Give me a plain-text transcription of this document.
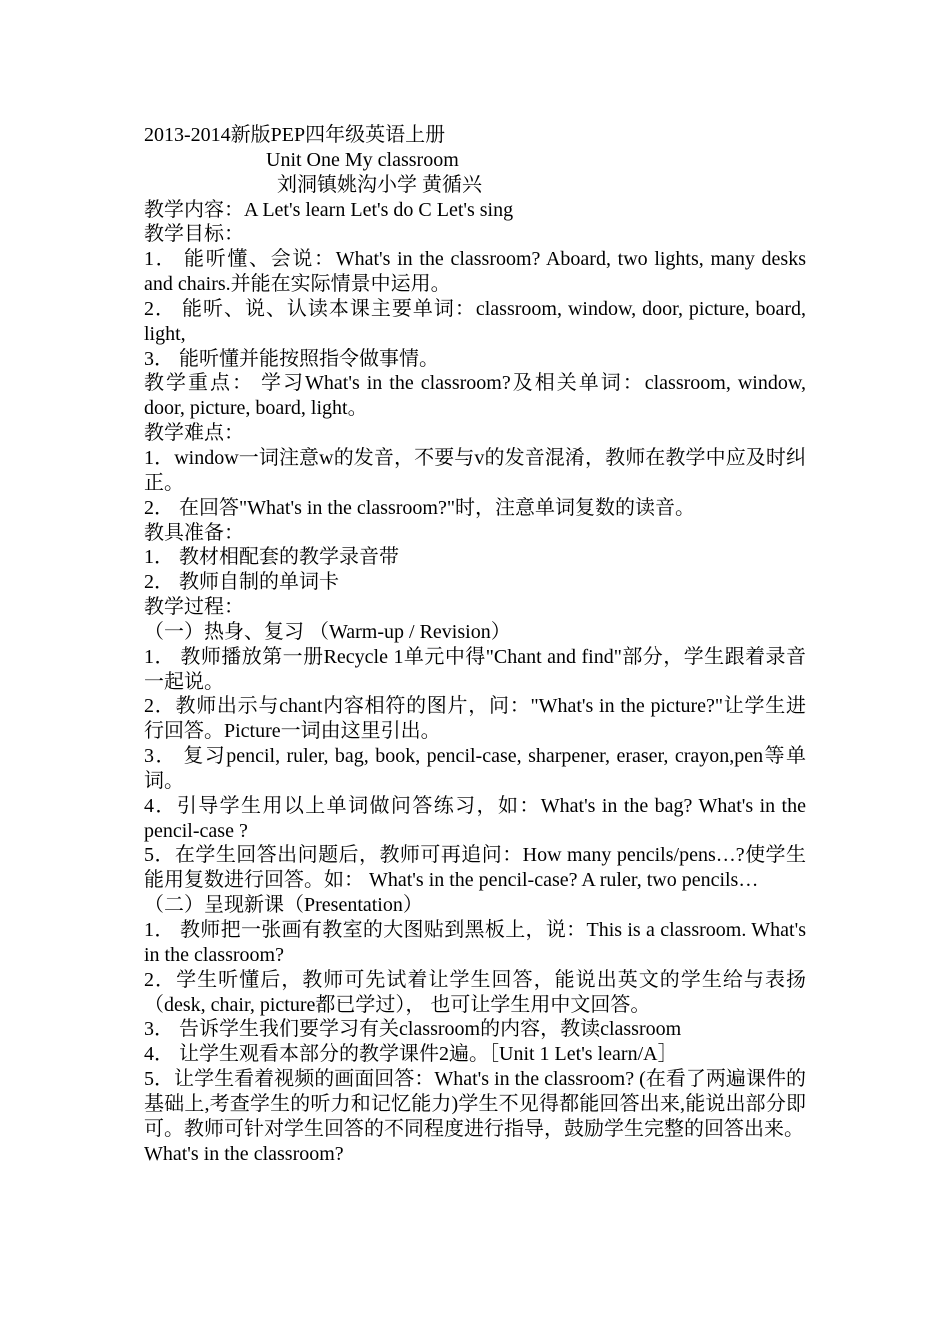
2013-2014新版PEP四年级英语上册

Unit One My classroom

刘洞镇姚沟小学 黄循兴

教学内容：A Let's learn Let's do C Let's sing

教学目标：

1． 能听懂、会说：What's in the classroom? Aboard, two lights, many desks and chairs.并能在实际情景中运用。

2． 能听、说、认读本课主要单词：classroom, window, door, picture, board, light,

3． 能听懂并能按照指令做事情。

教学重点： 学习What's in the classroom?及相关单词：classroom, window, door, picture, board, light。

教学难点：

1．window一词注意w的发音，不要与v的发音混淆，教师在教学中应及时纠正。

2． 在回答"What's in the classroom?"时，注意单词复数的读音。

教具准备：

1． 教材相配套的教学录音带

2． 教师自制的单词卡

教学过程：

（一）热身、复习 （Warm-up / Revision）

1． 教师播放第一册Recycle 1单元中得"Chant and find"部分，学生跟着录音一起说。

2．教师出示与chant内容相符的图片，问："What's in the picture?"让学生进行回答。Picture一词由这里引出。

3． 复习pencil, ruler, bag, book, pencil-case, sharpener, eraser, crayon,pen等单词。

4．引导学生用以上单词做问答练习，如：What's in the bag? What's in the pencil-case ?

5．在学生回答出问题后，教师可再追问：How many pencils/pens…?使学生能用复数进行回答。如： What's in the pencil-case? A ruler, two pencils…

（二）呈现新课（Presentation）

1． 教师把一张画有教室的大图贴到黑板上，说：This is a classroom. What's in the classroom?

2．学生听懂后，教师可先试着让学生回答，能说出英文的学生给与表扬（desk, chair, picture都已学过）， 也可让学生用中文回答。

3． 告诉学生我们要学习有关classroom的内容，教读classroom

4． 让学生观看本部分的教学课件2遍。［Unit 1 Let's learn/A］

5．让学生看着视频的画面回答：What's in the classroom? (在看了两遍课件的基础上,考查学生的听力和记忆能力)学生不见得都能回答出来,能说出部分即可。教师可针对学生回答的不同程度进行指导，鼓励学生完整的回答出来。

What's in the classroom?
